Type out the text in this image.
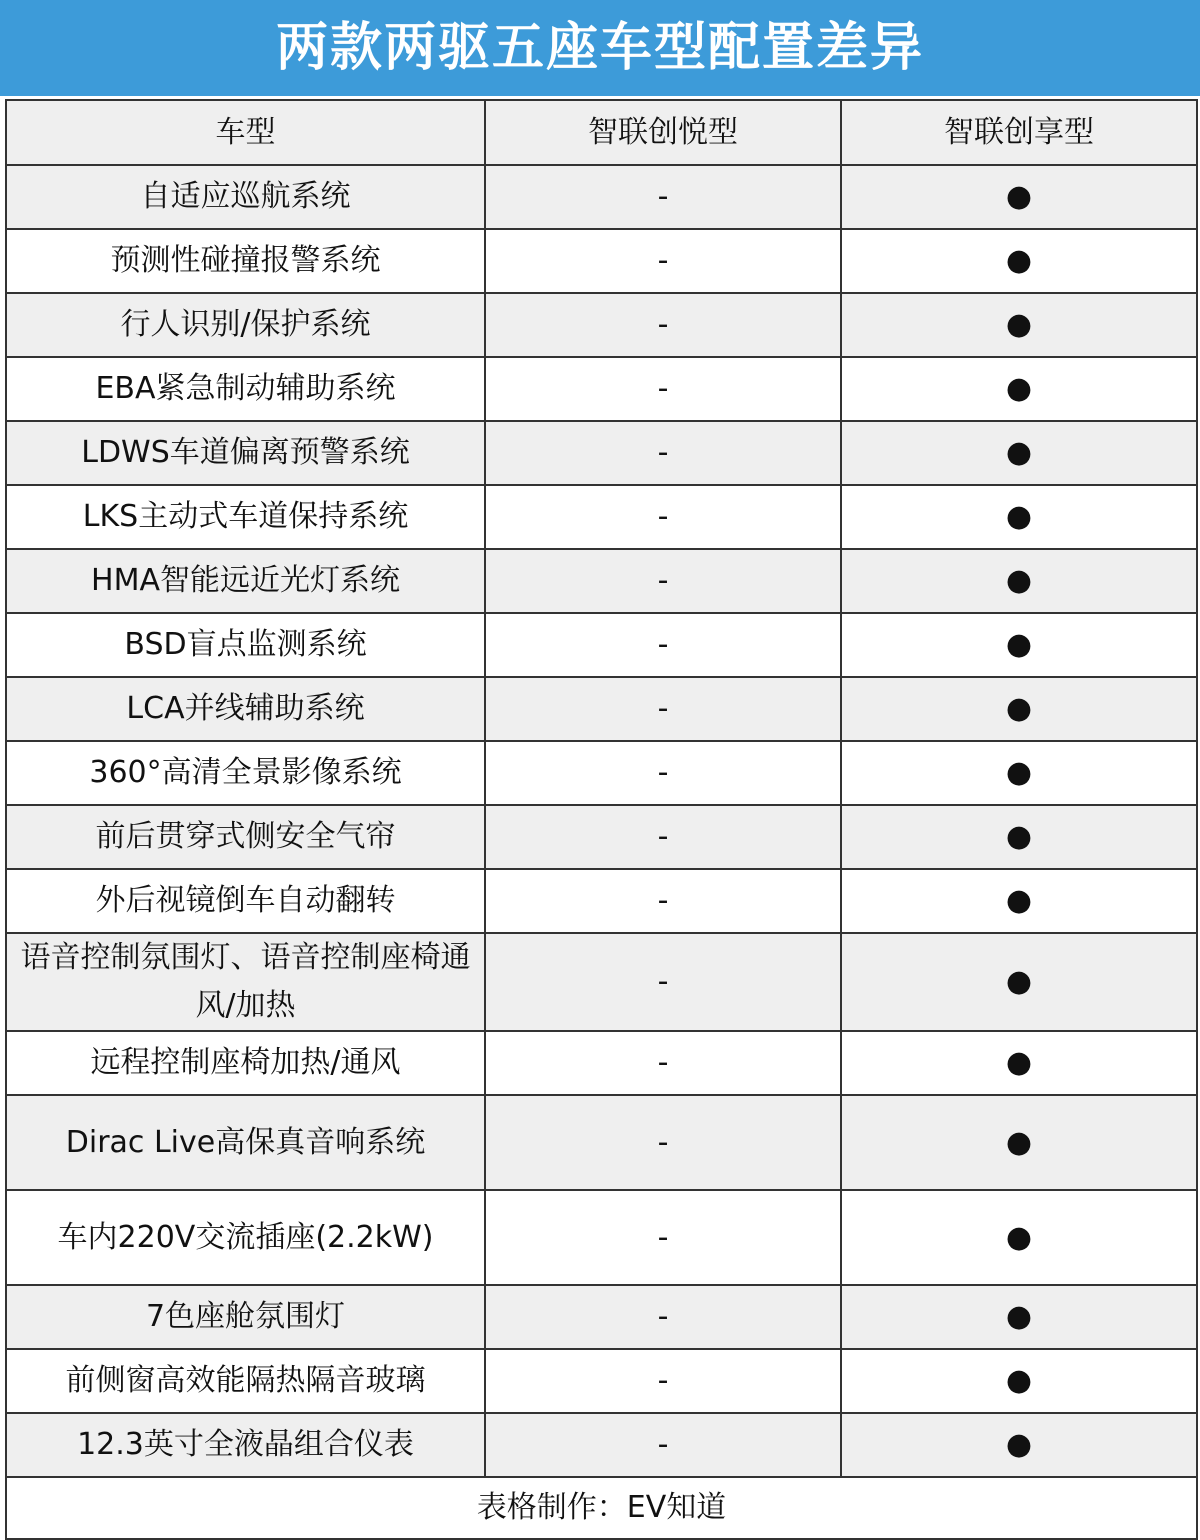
两款两驱五座车型配置差异
车型	智联创悦型	智联创享型
自适应巡航系统	-	●
预测性碰撞报警系统	-	●
行人识别/保护系统	-	●
EBA紧急制动辅助系统	-	●
LDWS车道偏离预警系统	-	●
LKS主动式车道保持系统	-	●
HMA智能远近光灯系统	-	●
BSD盲点监测系统	-	●
LCA并线辅助系统	-	●
360°高清全景影像系统	-	●
前后贯穿式侧安全气帘	-	●
外后视镜倒车自动翻转	-	●
语音控制氛围灯、语音控制座椅通风/加热	-	●
远程控制座椅加热/通风	-	●
Dirac Live高保真音响系统	-	●
车内220V交流插座(2.2kW)	-	●
7色座舱氛围灯	-	●
前侧窗高效能隔热隔音玻璃	-	●
12.3英寸全液晶组合仪表	-	●
表格制作：EV知道		
